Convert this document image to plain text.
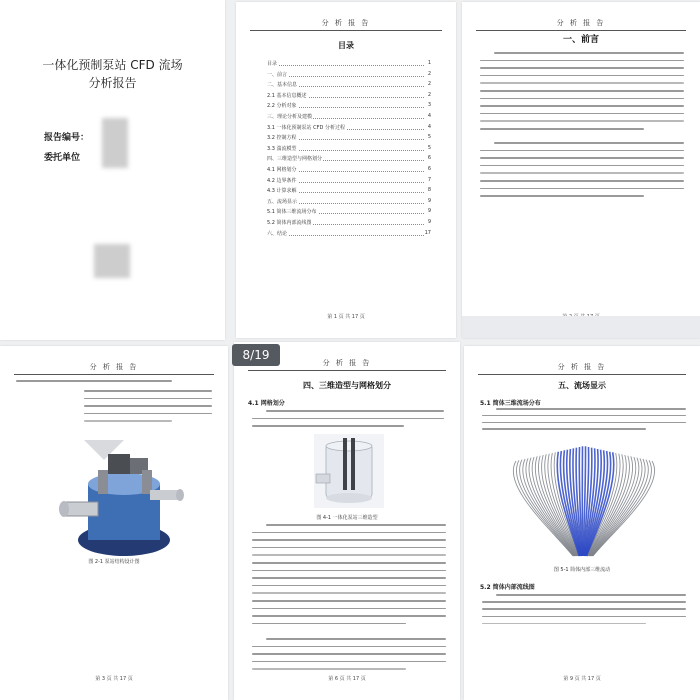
一体化预制泵站 CFD 流场
分析报告
报告编号：
委托单位
分 析 报 告
目录
目录	1
一、前言	2
二、基本信息	2
2.1 基本信息概述	2
2.2 分析对象	3
三、理论分析及建模	4
3.1 一体化预制泵站 CFD 分析过程	4
3.2 控制方程	5
3.3 湍流模型	5
四、三维造型与网格划分	6
4.1 网格划分	6
4.2 边界条件	7
4.3 计算求解	8
五、流场显示	9
5.1 简体三维流场分布	9
5.2 简体内部流线图	9
六、结论	17
第 1 页 共 17 页
分 析 报 告
一、前言
分 析 报 告
图 2-1 泵站结构设计图
第 3 页 共 17 页
分 析 报 告
四、三维造型与网格划分
4.1 网格划分
图 4-1 一体化泵站三维造型
第 6 页 共 17 页
分 析 报 告
五、流场显示
5.1 简体三维流场分布
图 5-1 简体内部三维流动
5.2 简体内部流线图
第 9 页 共 17 页
8/19
